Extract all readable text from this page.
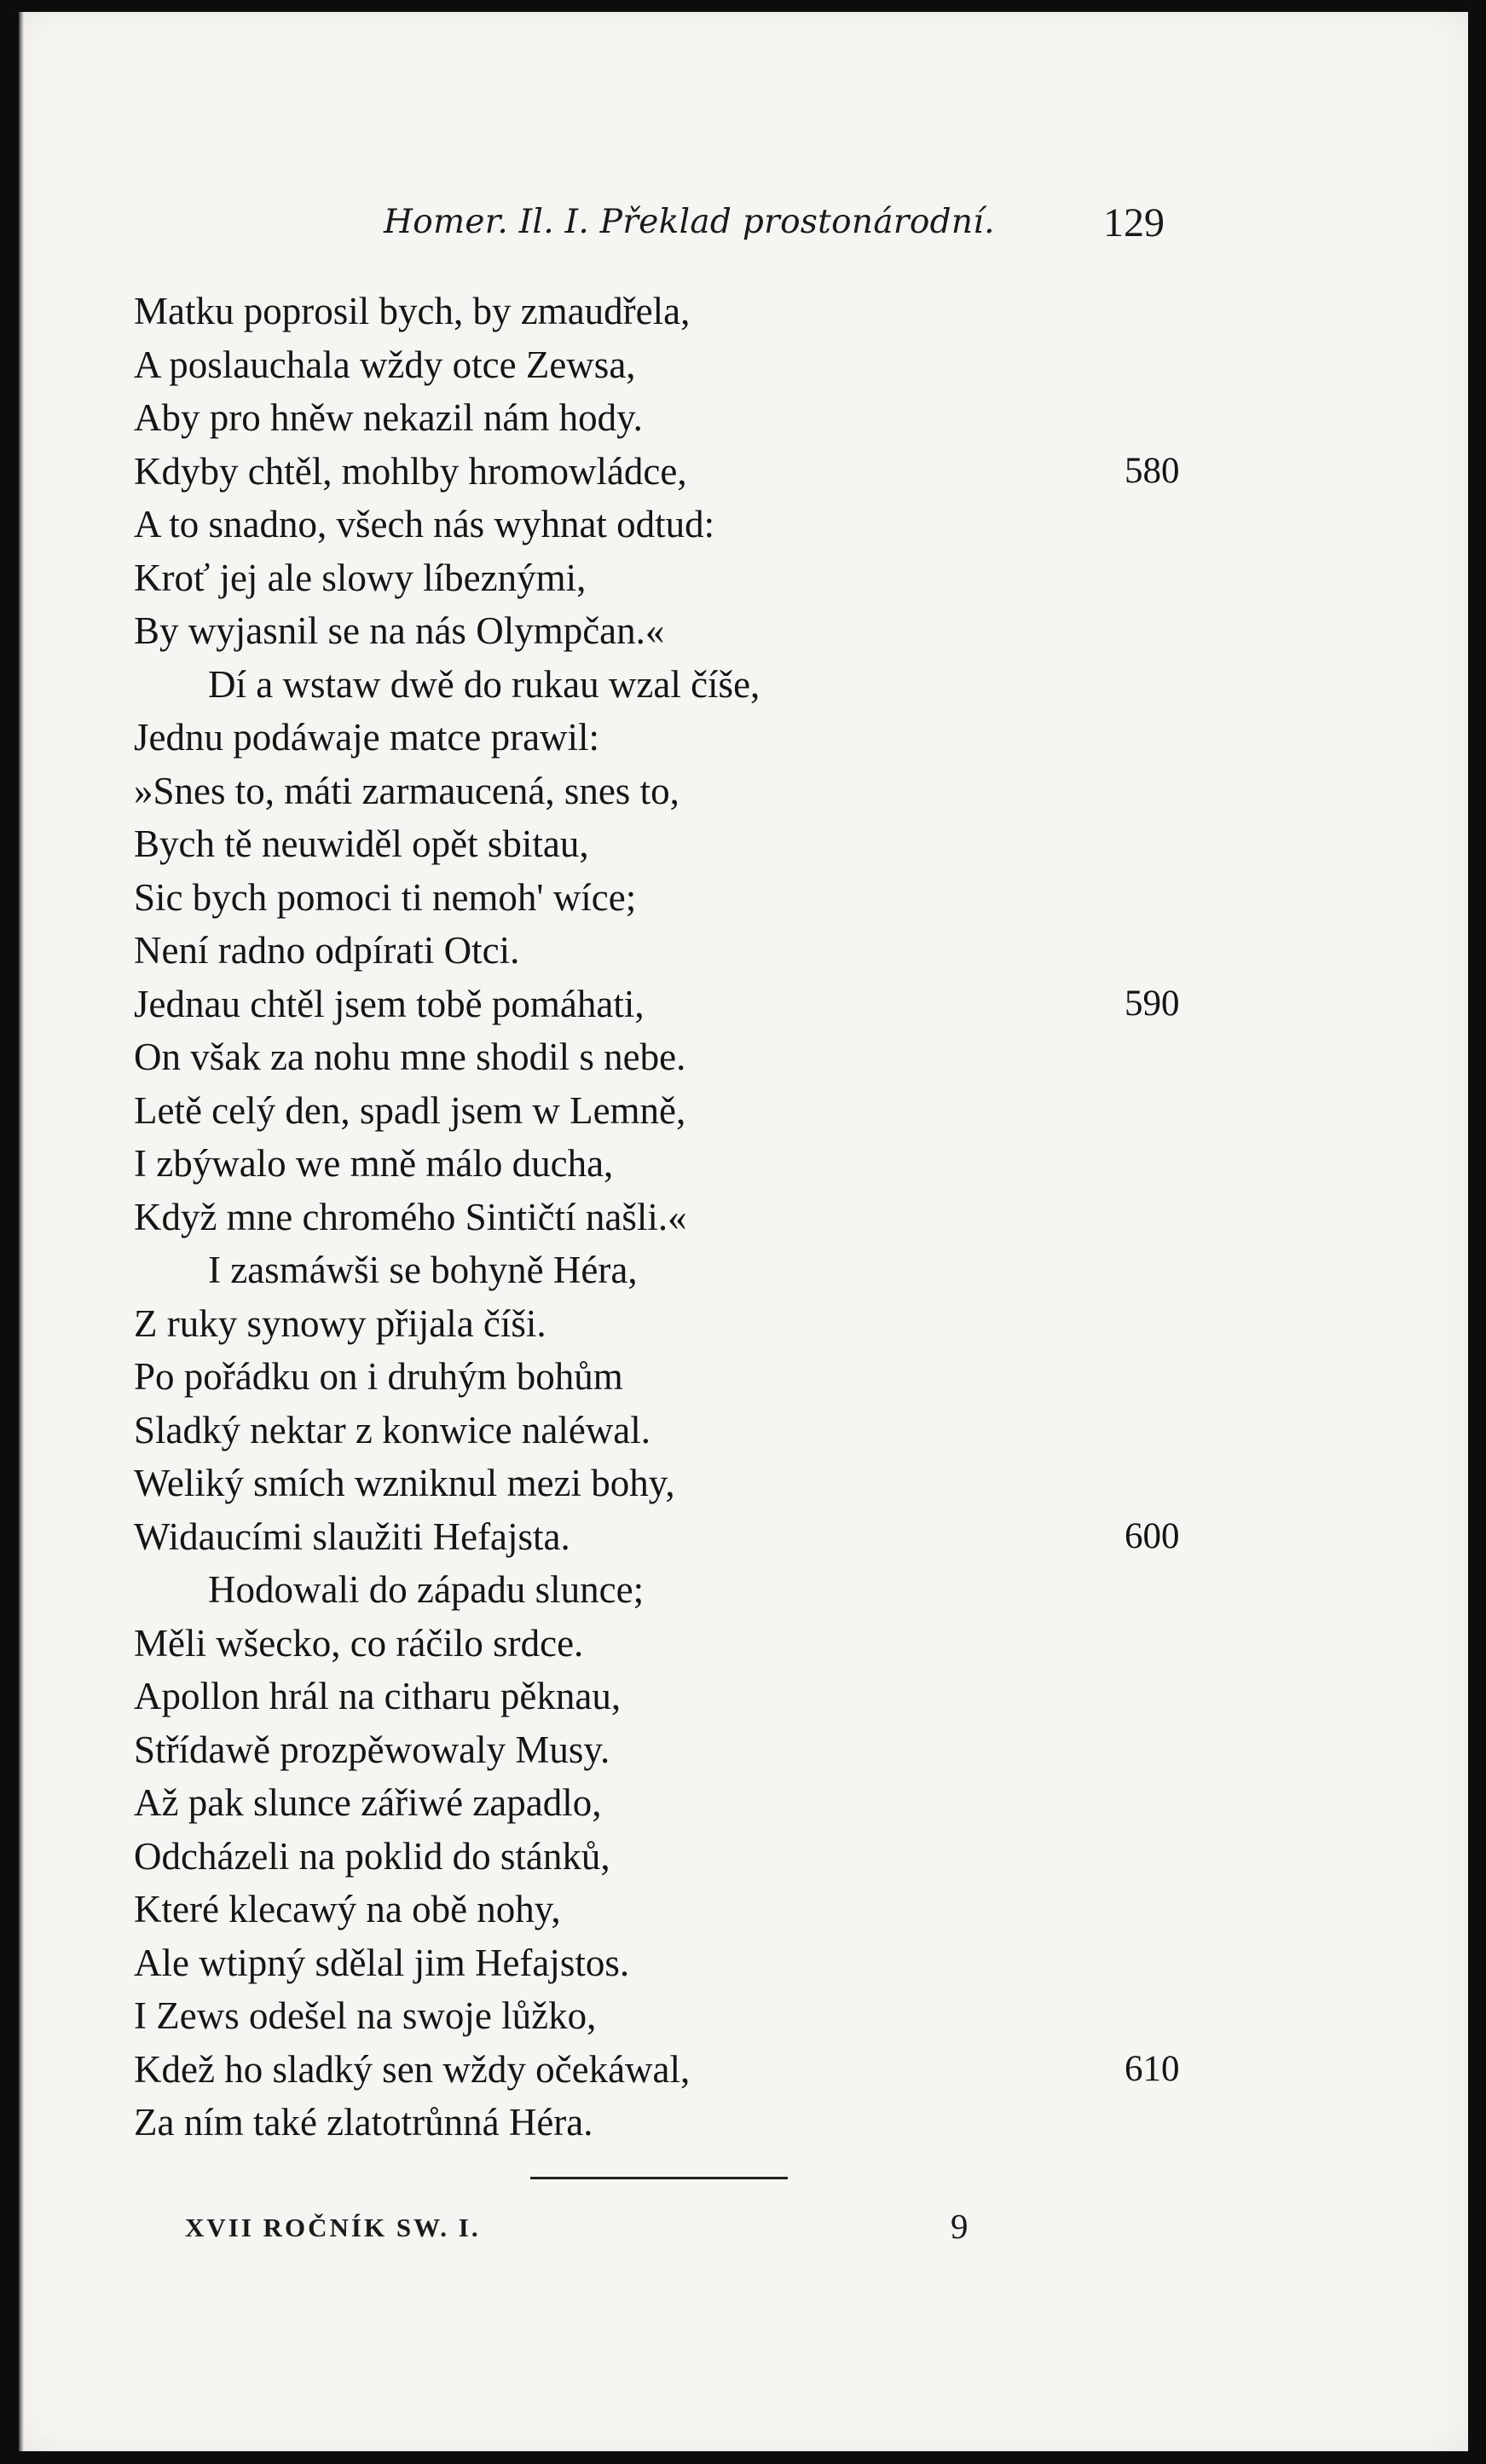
Homer. Il. I. Překlad prostonárodní.	129
Matku poprosil bych, by zmaudřela,
A poslauchala wždy otce Zewsa,
Aby pro hněw nekazil nám hody.
Kdyby chtěl, mohlby hromowládce,	580
A to snadno, všech nás wyhnat odtud:
Kroť jej ale slowy líbeznými,
By wyjasnil se na nás Olympčan.«
Dí a wstaw dwě do rukau wzal číše,
Jednu podáwaje matce prawil:
»Snes to, máti zarmaucená, snes to,
Bych tě neuwiděl opět sbitau,
Sic bych pomoci ti nemoh' wíce;
Není radno odpírati Otci.
Jednau chtěl jsem tobě pomáhati,	590
On však za nohu mne shodil s nebe.
Letě celý den, spadl jsem w Lemně,
I zbýwalo we mně málo ducha,
Když mne chromého Sintičtí našli.«
I zasmáwši se bohyně Héra,
Z ruky synowy přijala číši.
Po pořádku on i druhým bohům
Sladký nektar z konwice naléwal.
Weliký smích wzniknul mezi bohy,
Widaucími slaužiti Hefajsta.	600
Hodowali do západu slunce;
Měli wšecko, co ráčilo srdce.
Apollon hrál na citharu pěknau,
Střídawě prozpěwowaly Musy.
Až pak slunce zářiwé zapadlo,
Odcházeli na poklid do stánků,
Které klecawý na obě nohy,
Ale wtipný sdělal jim Hefajstos.
I Zews odešel na swoje lůžko,
Kdež ho sladký sen wždy očekáwal,	610
Za ním také zlatotrůnná Héra.
XVII ROČNÍK SW. I.	9
